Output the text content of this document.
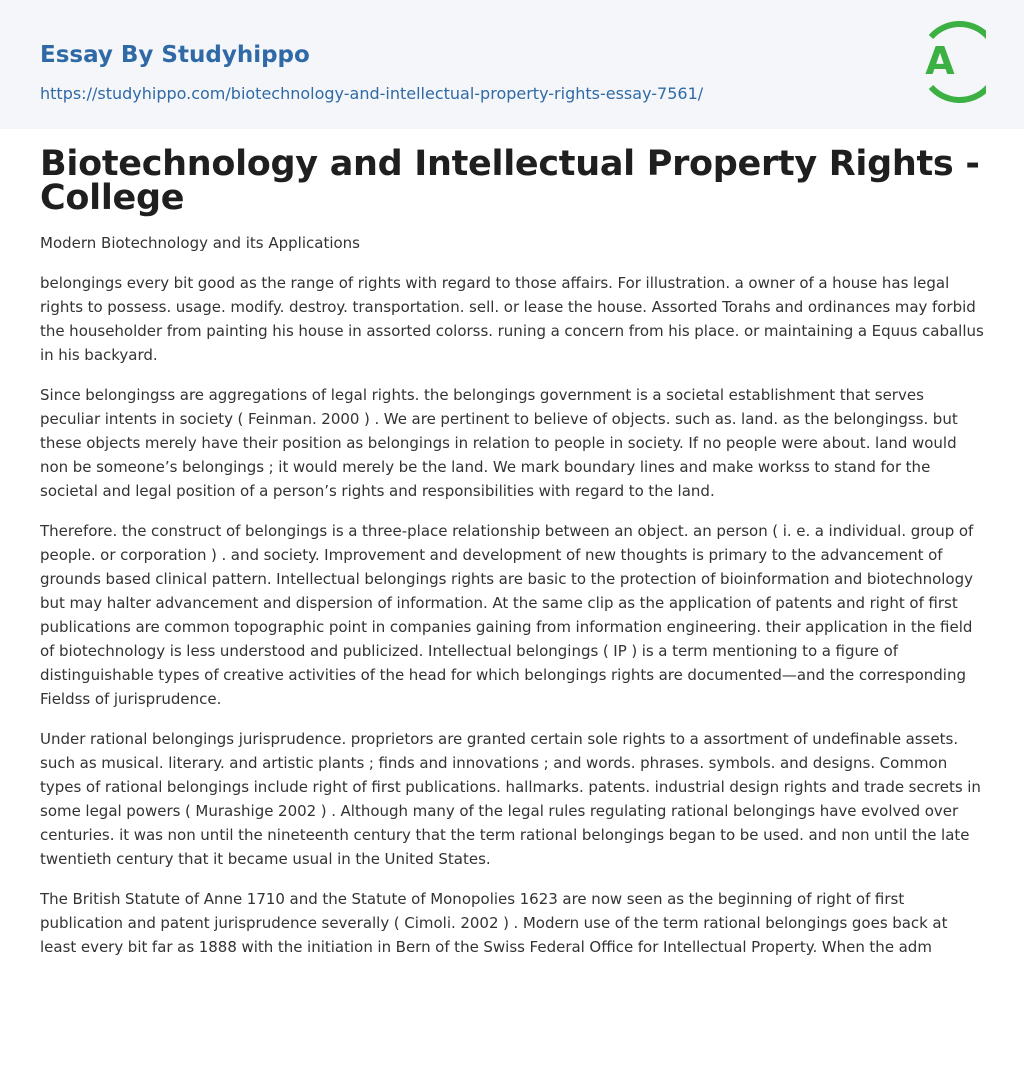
Essay By Studyhippo
https://studyhippo.com/biotechnology-and-intellectual-property-rights-essay-7561/
A
Biotechnology and Intellectual Property Rights - College

Modern Biotechnology and its Applications

belongings every bit good as the range of rights with regard to those affairs. For illustration. a owner of a house has legal rights to possess. usage. modify. destroy. transportation. sell. or lease the house. Assorted Torahs and ordinances may forbid the householder from painting his house in assorted colorss. runing a concern from his place. or maintaining a Equus caballus in his backyard.

Since belongingss are aggregations of legal rights. the belongings government is a societal establishment that serves peculiar intents in society ( Feinman. 2000 ) . We are pertinent to believe of objects. such as. land. as the belongingss. but these objects merely have their position as belongings in relation to people in society. If no people were about. land would non be someone’s belongings ; it would merely be the land. We mark boundary lines and make workss to stand for the societal and legal position of a person’s rights and responsibilities with regard to the land.

Therefore. the construct of belongings is a three-place relationship between an object. an person ( i. e. a individual. group of people. or corporation ) . and society. Improvement and development of new thoughts is primary to the advancement of grounds based clinical pattern. Intellectual belongings rights are basic to the protection of bioinformation and biotechnology but may halter advancement and dispersion of information. At the same clip as the application of patents and right of first publications are common topographic point in companies gaining from information engineering. their application in the field of biotechnology is less understood and publicized. Intellectual belongings ( IP ) is a term mentioning to a figure of distinguishable types of creative activities of the head for which belongings rights are documented—and the corresponding Fieldss of jurisprudence.

Under rational belongings jurisprudence. proprietors are granted certain sole rights to a assortment of undefinable assets. such as musical. literary. and artistic plants ; finds and innovations ; and words. phrases. symbols. and designs. Common types of rational belongings include right of first publications. hallmarks. patents. industrial design rights and trade secrets in some legal powers ( Murashige 2002 ) . Although many of the legal rules regulating rational belongings have evolved over centuries. it was non until the nineteenth century that the term rational belongings began to be used. and non until the late twentieth century that it became usual in the United States.

The British Statute of Anne 1710 and the Statute of Monopolies 1623 are now seen as the beginning of right of first publication and patent jurisprudence severally ( Cimoli. 2002 ) . Modern use of the term rational belongings goes back at least every bit far as 1888 with the initiation in Bern of the Swiss Federal Office for Intellectual Property. When the adm
